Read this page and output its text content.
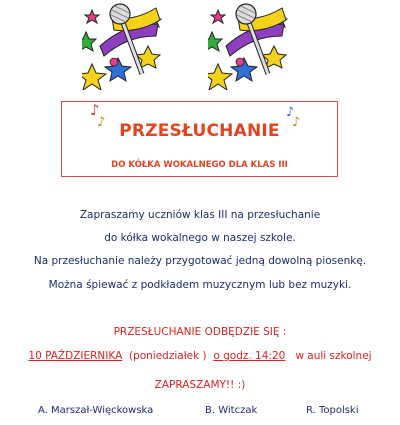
♪
♪
♪
♪
PRZESŁUCHANIE
DO KÓŁKA WOKALNEGO DLA KLAS III
Zapraszamy uczniów klas III na przesłuchanie
do kółka wokalnego w naszej szkole.
Na przesłuchanie należy przygotować jedną dowolną piosenkę.
Można śpiewać z podkładem muzycznym lub bez muzyki.
PRZESŁUCHANIE ODBĘDZIE SIĘ :
10 PAŹDZIERNIKA (poniedziałek ) o godz. 14:20 w auli szkolnej
ZAPRASZAMY!! :)
A. Marszał-Więckowska	B. Witczak	R. Topolski
